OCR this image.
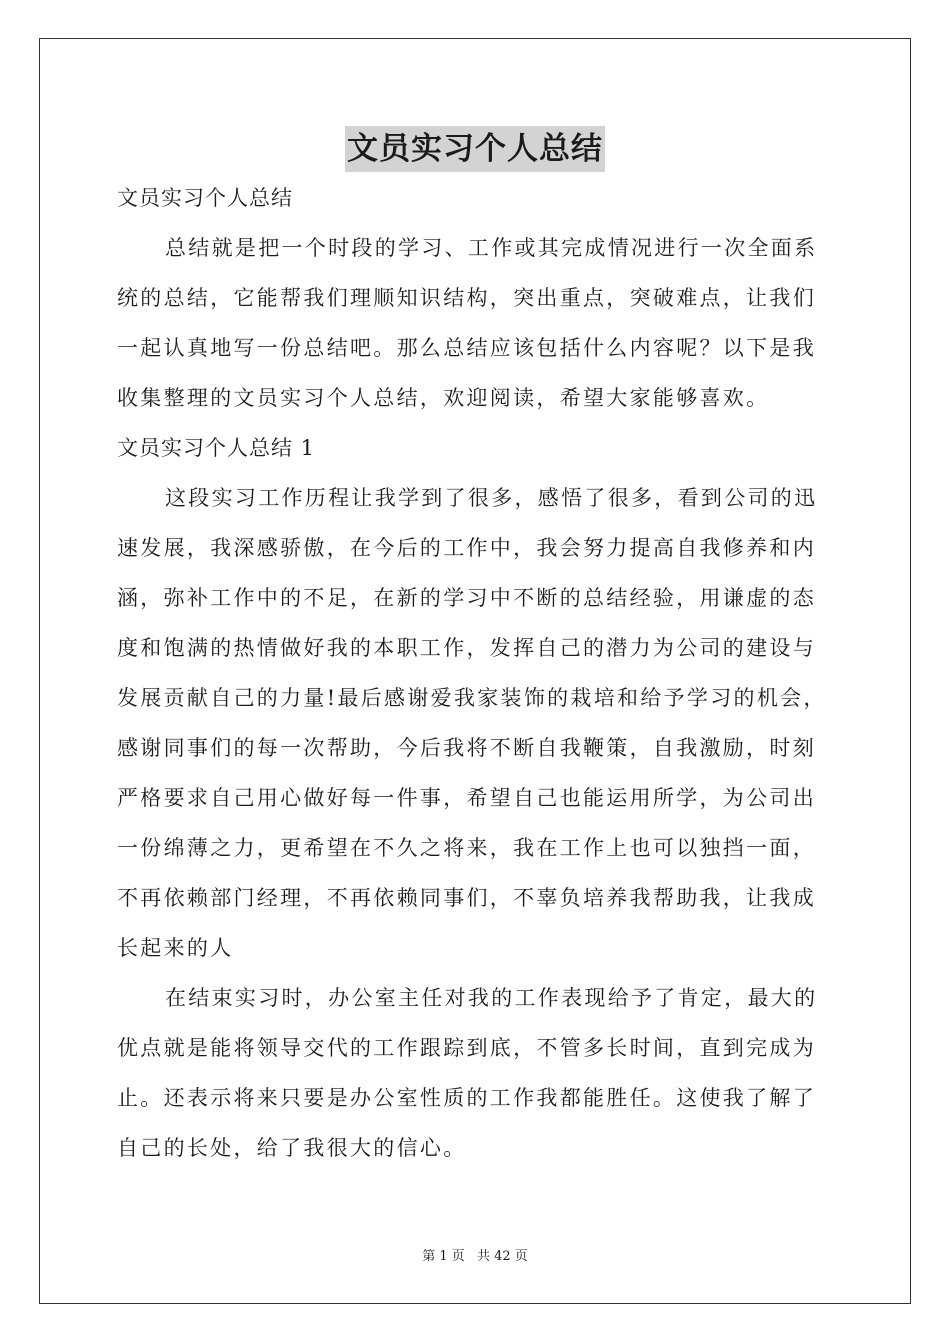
文员实习个人总结
文员实习个人总结
总结就是把一个时段的学习、工作或其完成情况进行一次全面系
统的总结，它能帮我们理顺知识结构，突出重点，突破难点，让我们
一起认真地写一份总结吧。那么总结应该包括什么内容呢？以下是我
收集整理的文员实习个人总结，欢迎阅读，希望大家能够喜欢。
文员实习个人总结 1
这段实习工作历程让我学到了很多，感悟了很多，看到公司的迅
速发展，我深感骄傲，在今后的工作中，我会努力提高自我修养和内
涵，弥补工作中的不足，在新的学习中不断的总结经验，用谦虚的态
度和饱满的热情做好我的本职工作，发挥自己的潜力为公司的建设与
发展贡献自己的力量!最后感谢爱我家装饰的栽培和给予学习的机会，
感谢同事们的每一次帮助，今后我将不断自我鞭策，自我激励，时刻
严格要求自己用心做好每一件事，希望自己也能运用所学，为公司出
一份绵薄之力，更希望在不久之将来，我在工作上也可以独挡一面，
不再依赖部门经理，不再依赖同事们，不辜负培养我帮助我，让我成
长起来的人
在结束实习时，办公室主任对我的工作表现给予了肯定，最大的
优点就是能将领导交代的工作跟踪到底，不管多长时间，直到完成为
止。还表示将来只要是办公室性质的工作我都能胜任。这使我了解了
自己的长处，给了我很大的信心。
第 1 页 共 42 页
